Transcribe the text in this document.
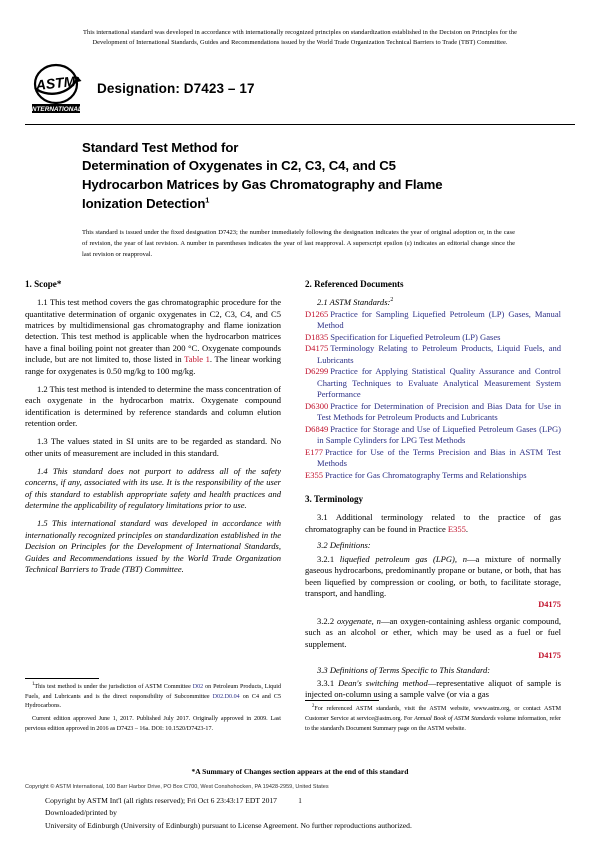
This international standard was developed in accordance with internationally recognized principles on standardization established in the Decision on Principles for the
Development of International Standards, Guides and Recommendations issued by the World Trade Organization Technical Barriers to Trade (TBT) Committee.

ASTM
INTERNATIONAL
Designation: D7423 – 17
Standard Test Method for
Determination of Oxygenates in C2, C3, C4, and C5
Hydrocarbon Matrices by Gas Chromatography and Flame
Ionization Detection$^1$

This standard is issued under the fixed designation D7423; the number immediately following the designation indicates the year of original adoption or, in the case of revision, the year of last revision. A number in parentheses indicates the year of last reapproval. A superscript epsilon (ε) indicates an editorial change since the last revision or reapproval.

1. Scope*

1.1 This test method covers the gas chromatographic procedure for the quantitative determination of organic oxygenates in C2, C3, C4, and C5 matrices by multidimensional gas chromatography and flame ionization detection. This test method is applicable when the hydrocarbon matrices have a final boiling point not greater than 200 °C. Oxygenate compounds include, but are not limited to, those listed in Table 1. The linear working range for oxygenates is 0.50 mg/kg to 100 mg/kg.

1.2 This test method is intended to determine the mass concentration of each oxygenate in the hydrocarbon matrix. Oxygenate compound identification is determined by reference standards and column elution retention order.

1.3 The values stated in SI units are to be regarded as standard. No other units of measurement are included in this standard.

1.4 This standard does not purport to address all of the safety concerns, if any, associated with its use. It is the responsibility of the user of this standard to establish appropriate safety and health practices and determine the applicability of regulatory limitations prior to use.

1.5 This international standard was developed in accordance with internationally recognized principles on standardization established in the Decision on Principles for the Development of International Standards, Guides and Recommendations issued by the World Trade Organization Technical Barriers to Trade (TBT) Committee.

$^1$This test method is under the jurisdiction of ASTM Committee D02 on Petroleum Products, Liquid Fuels, and Lubricants and is the direct responsibility of Subcommittee D02.D0.04 on C4 and C5 Hydrocarbons.

Current edition approved June 1, 2017. Published July 2017. Originally approved in 2009. Last pervious edition approved in 2016 as D7423 – 16a. DOI: 10.1520/D7423-17.

2. Referenced Documents

2.1 ASTM Standards:$^2$

D1265 Practice for Sampling Liquefied Petroleum (LP) Gases, Manual Method
D1835 Specification for Liquefied Petroleum (LP) Gases
D4175 Terminology Relating to Petroleum Products, Liquid Fuels, and Lubricants
D6299 Practice for Applying Statistical Quality Assurance and Control Charting Techniques to Evaluate Analytical Measurement System Performance
D6300 Practice for Determination of Precision and Bias Data for Use in Test Methods for Petroleum Products and Lubricants
D6849 Practice for Storage and Use of Liquefied Petroleum Gases (LPG) in Sample Cylinders for LPG Test Methods
E177 Practice for Use of the Terms Precision and Bias in ASTM Test Methods
E355 Practice for Gas Chromatography Terms and Relationships
3. Terminology

3.1 Additional terminology related to the practice of gas chromatography can be found in Practice E355.

3.2 Definitions:

3.2.1 liquefied petroleum gas (LPG), n—a mixture of normally gaseous hydrocarbons, predominantly propane or butane, or both, that has been liquefied by compression or cooling, or both, to facilitate storage, transport, and handling.
D4175

3.2.2 oxygenate, n—an oxygen-containing ashless organic compound, such as an alcohol or ether, which may be used as a fuel or fuel supplement.
D4175

3.3 Definitions of Terms Specific to This Standard:

3.3.1 Dean's switching method—representative aliquot of sample is injected on-column using a sample valve (or via a gas

$^2$For referenced ASTM standards, visit the ASTM website, www.astm.org, or contact ASTM Customer Service at service@astm.org. For Annual Book of ASTM Standards volume information, refer to the standard's Document Summary page on the ASTM website.

*A Summary of Changes section appears at the end of this standard
Copyright © ASTM International, 100 Barr Harbor Drive, PO Box C700, West Conshohocken, PA 19428-2959, United States
Copyright by ASTM Int'l (all rights reserved); Fri Oct 6 23:43:17 EDT 2017
Downloaded/printed by
University of Edinburgh (University of Edinburgh) pursuant to License Agreement. No further reproductions authorized.
1
